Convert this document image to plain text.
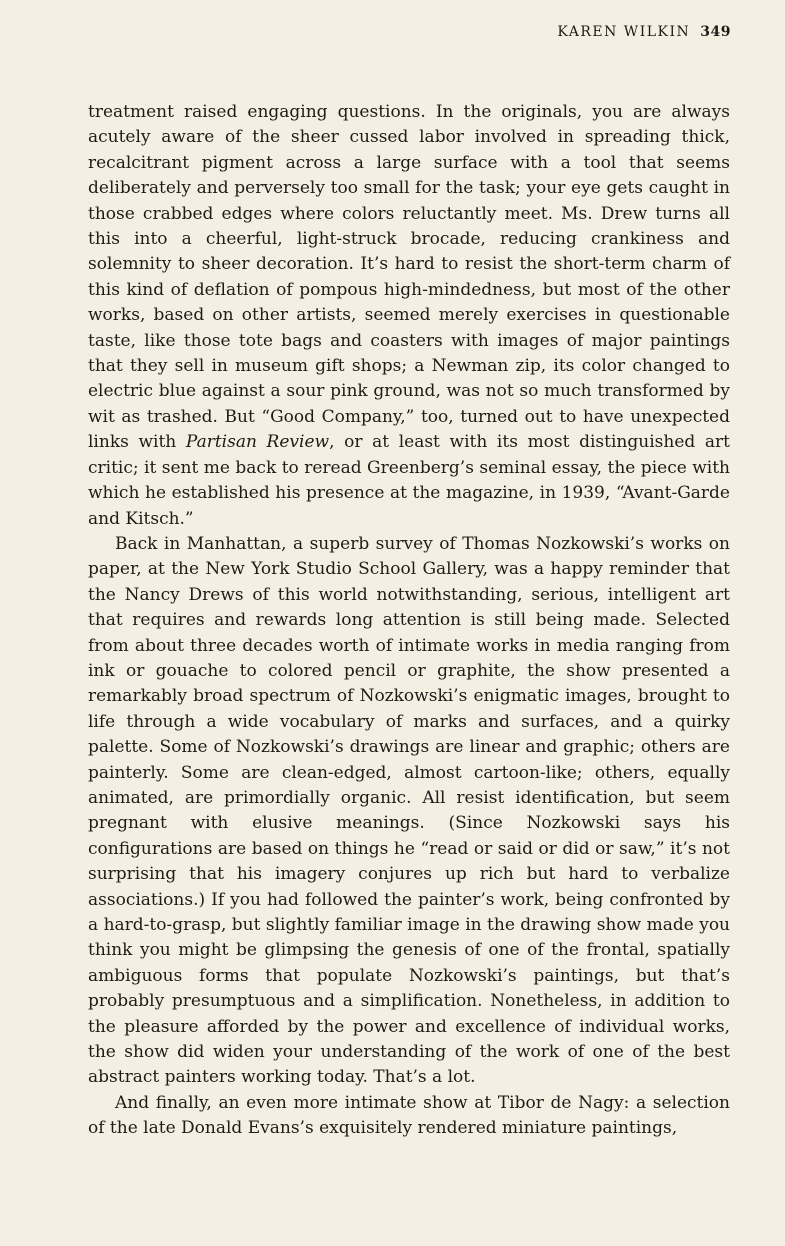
KAREN WILKIN 349

treatment raised engaging questions. In the originals, you are always acutely aware of the sheer cussed labor involved in spreading thick, recalcitrant pigment across a large surface with a tool that seems deliberately and perversely too small for the task; your eye gets caught in those crabbed edges where colors reluctantly meet. Ms. Drew turns all this into a cheerful, light-struck brocade, reducing crankiness and solemnity to sheer decoration. It’s hard to resist the short-term charm of this kind of deflation of pompous high-mindedness, but most of the other works, based on other artists, seemed merely exercises in questionable taste, like those tote bags and coasters with images of major paintings that they sell in museum gift shops; a Newman zip, its color changed to electric blue against a sour pink ground, was not so much transformed by wit as trashed. But “Good Company,” too, turned out to have unexpected links with Partisan Review, or at least with its most distinguished art critic; it sent me back to reread Greenberg’s seminal essay, the piece with which he established his presence at the magazine, in 1939, “Avant-Garde and Kitsch.”

Back in Manhattan, a superb survey of Thomas Nozkowski’s works on paper, at the New York Studio School Gallery, was a happy reminder that the Nancy Drews of this world notwithstanding, serious, intelligent art that requires and rewards long attention is still being made. Selected from about three decades worth of intimate works in media ranging from ink or gouache to colored pencil or graphite, the show presented a remarkably broad spectrum of Nozkowski’s enigmatic images, brought to life through a wide vocabulary of marks and surfaces, and a quirky palette. Some of Nozkowski’s drawings are linear and graphic; others are painterly. Some are clean-edged, almost cartoon-like; others, equally animated, are primordially organic. All resist identification, but seem pregnant with elusive meanings. (Since Nozkowski says his configurations are based on things he “read or said or did or saw,” it’s not surprising that his imagery conjures up rich but hard to verbalize associations.) If you had followed the painter’s work, being confronted by a hard-to-grasp, but slightly familiar image in the drawing show made you think you might be glimpsing the genesis of one of the frontal, spatially ambiguous forms that populate Nozkowski’s paintings, but that’s probably presumptuous and a simplification. Nonetheless, in addition to the pleasure afforded by the power and excellence of individual works, the show did widen your understanding of the work of one of the best abstract painters working today. That’s a lot.

And finally, an even more intimate show at Tibor de Nagy: a selection of the late Donald Evans’s exquisitely rendered miniature paintings,
